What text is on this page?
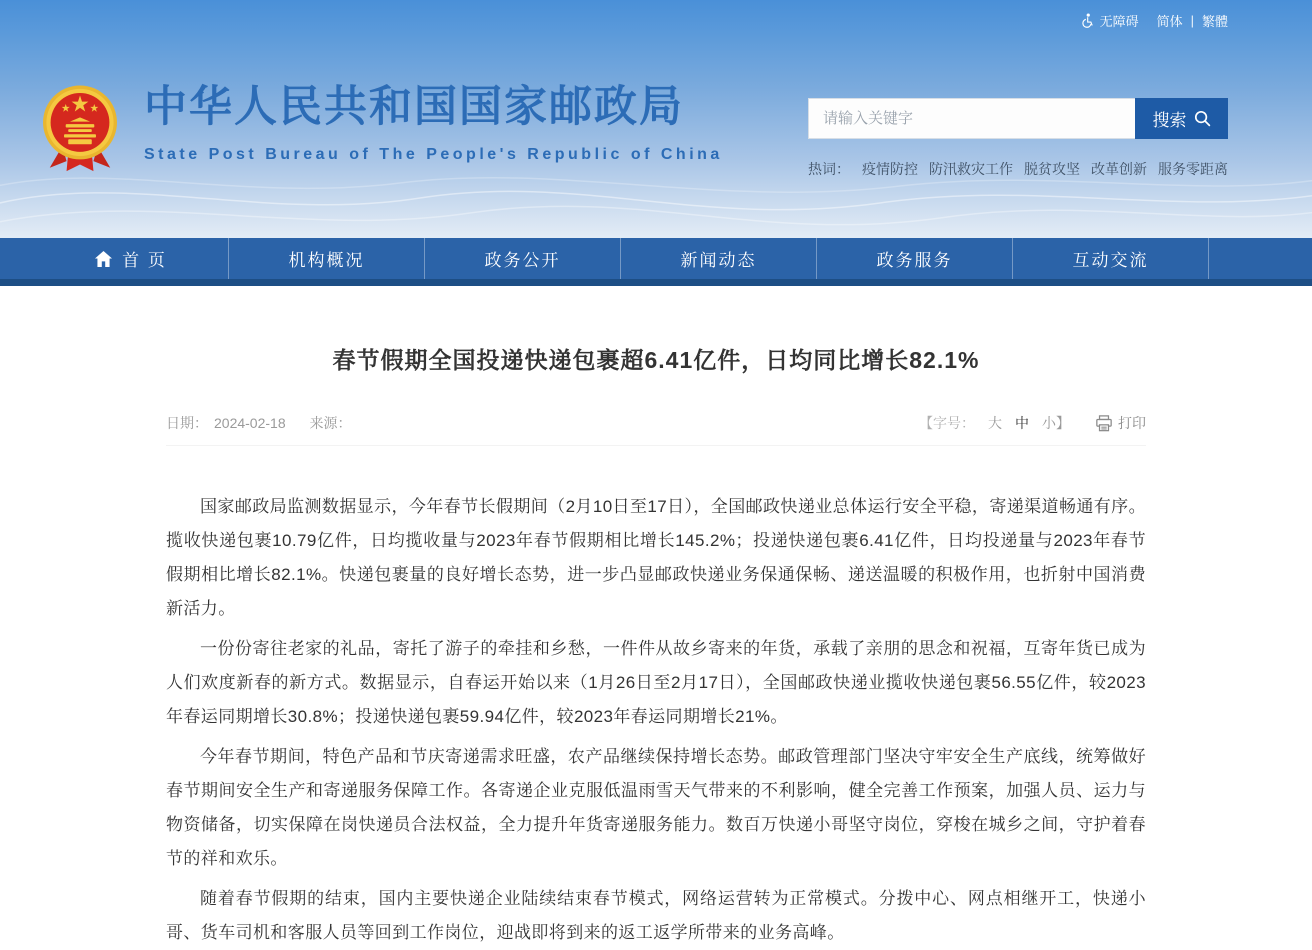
无障碍 简体 | 繁體
中华人民共和国国家邮政局
State Post Bureau of The People's Republic of China
请输入关键字
搜索
热词： 疫情防控 防汛救灾工作 脱贫攻坚 改革创新 服务零距离
首 页	机构概况	政务公开	新闻动态	政务服务	互动交流
春节假期全国投递快递包裹超6.41亿件，日均同比增长82.1%
日期： 2024-02-18 来源：	【字号： 大 中 小】	打印

国家邮政局监测数据显示，今年春节长假期间（2月10日至17日），全国邮政快递业总体运行安全平稳，寄递渠道畅通有序。揽收快递包裹10.79亿件，日均揽收量与2023年春节假期相比增长145.2%；投递快递包裹6.41亿件，日均投递量与2023年春节假期相比增长82.1%。快递包裹量的良好增长态势，进一步凸显邮政快递业务保通保畅、递送温暖的积极作用，也折射中国消费新活力。

一份份寄往老家的礼品，寄托了游子的牵挂和乡愁，一件件从故乡寄来的年货，承载了亲朋的思念和祝福，互寄年货已成为人们欢度新春的新方式。数据显示，自春运开始以来（1月26日至2月17日），全国邮政快递业揽收快递包裹56.55亿件，较2023年春运同期增长30.8%；投递快递包裹59.94亿件，较2023年春运同期增长21%。

今年春节期间，特色产品和节庆寄递需求旺盛，农产品继续保持增长态势。邮政管理部门坚决守牢安全生产底线，统筹做好春节期间安全生产和寄递服务保障工作。各寄递企业克服低温雨雪天气带来的不利影响，健全完善工作预案，加强人员、运力与物资储备，切实保障在岗快递员合法权益，全力提升年货寄递服务能力。数百万快递小哥坚守岗位，穿梭在城乡之间，守护着春节的祥和欢乐。

随着春节假期的结束，国内主要快递企业陆续结束春节模式，网络运营转为正常模式。分拨中心、网点相继开工，快递小哥、货车司机和客服人员等回到工作岗位，迎战即将到来的返工返学所带来的业务高峰。
